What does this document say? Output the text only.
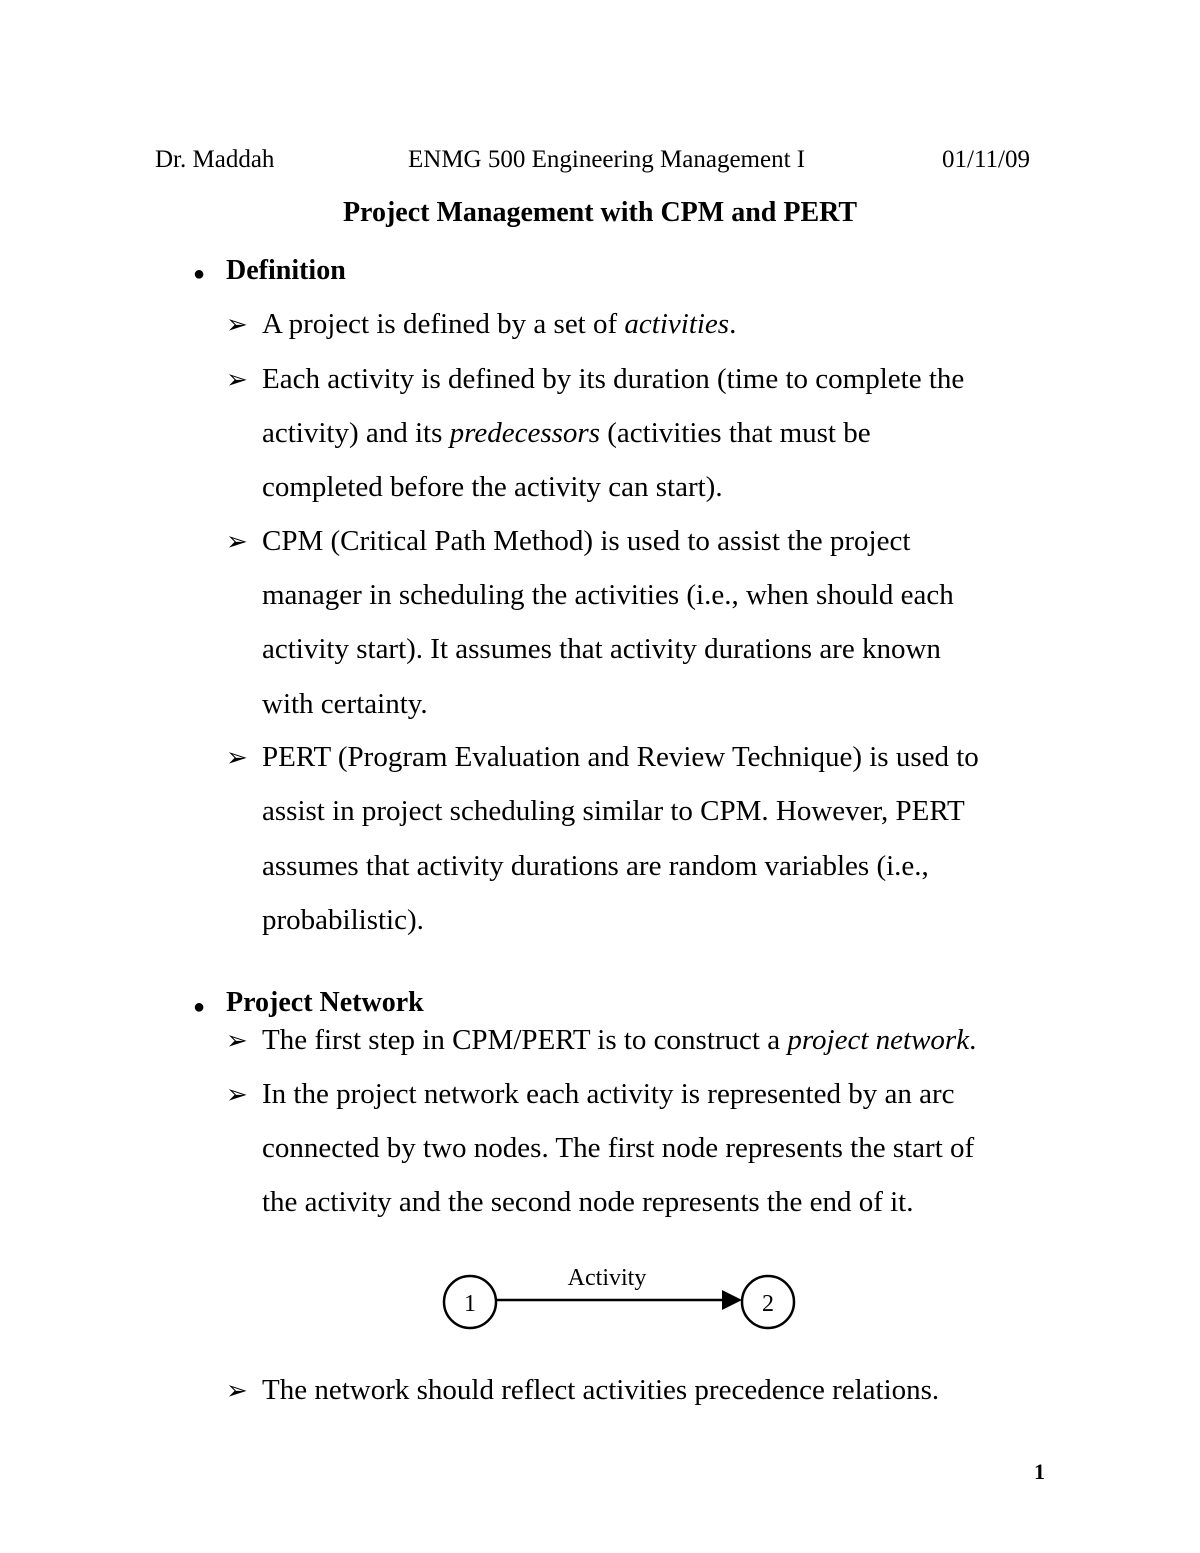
Dr. Maddah	ENMG 500 Engineering Management I	01/11/09
Project Management with CPM and PERT
● Definition
➢ A project is defined by a set of activities.
➢ Each activity is defined by its duration (time to complete the
activity) and its predecessors (activities that must be
completed before the activity can start).
➢ CPM (Critical Path Method) is used to assist the project
manager in scheduling the activities (i.e., when should each
activity start). It assumes that activity durations are known
with certainty.
➢ PERT (Program Evaluation and Review Technique) is used to
assist in project scheduling similar to CPM. However, PERT
assumes that activity durations are random variables (i.e.,
probabilistic).
● Project Network
➢ The first step in CPM/PERT is to construct a project network.
➢ In the project network each activity is represented by an arc
connected by two nodes. The first node represents the start of
the activity and the second node represents the end of it.
1	2
Activity
➢ The network should reflect activities precedence relations.
1
